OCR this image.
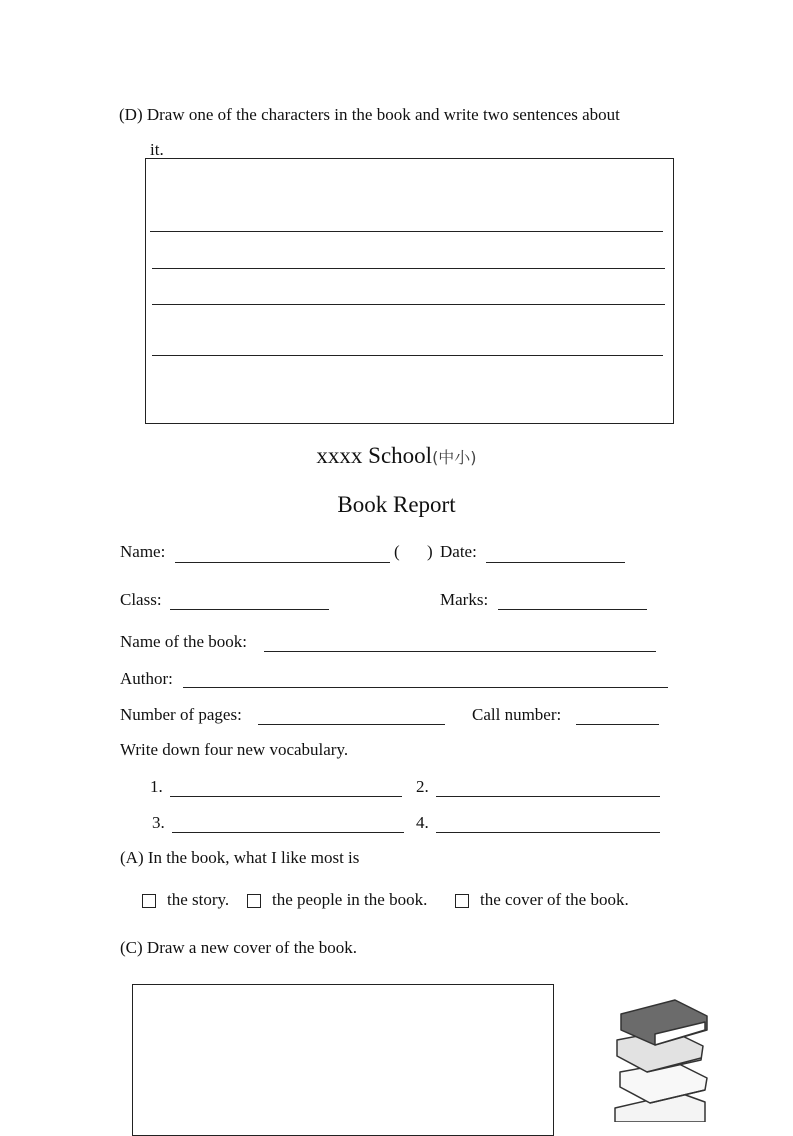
(D) Draw one of the characters in the book and write two sentences about
it.
xxxx School(中小)
Book Report
Name:	( ) Date:
Class:	Marks:
Name of the book:
Author:
Number of pages:	Call number:
Write down four new vocabulary.
1.	2.
3.	4.
(A) In the book, what I like most is
the story.	the people in the book.	the cover of the book.
(C) Draw a new cover of the book.
